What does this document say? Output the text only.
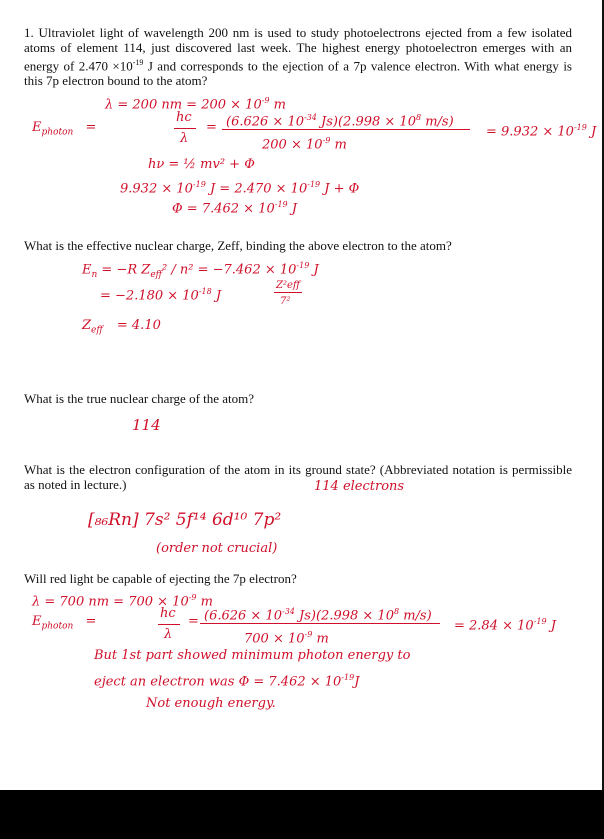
1. Ultraviolet light of wavelength 200 nm is used to study photoelectrons ejected from a few isolated atoms of element 114, just discovered last week. The highest energy photoelectron emerges with an energy of $2.470 \times 10^{-19}$ J and corresponds to the ejection of a 7p valence electron. With what energy is this 7p electron bound to the atom?
λ = 200 nm = $200 \times 10^{-9}$ m
$E_{photon}$ =
hc
λ
= ($6.626 \times 10^{-34}$ $Js)(2.998 \times 10^8$ m/s)
$200 \times 10^{-9}$ m
= $9.932 \times 10^{-19}$ J
hν = ½ mv² + Φ
$9.932 \times 10^{-19}$ $J = 2.470 \times 10^{-19}$ J + Φ
$\Phi = 7.462 \times 10^{-19}$ J
What is the effective nuclear charge, Zeff, binding the above electron to the atom?
$E_n = -R$ $Z_{eff}^2 / n^2 = -7.462 \times 10^{-19}$ J
= $-2.180 \times 10^{-18}$ J
Z²eff
7²
$Z_{eff} = 4.10$
What is the true nuclear charge of the atom?
114
What is the electron configuration of the atom in its ground state? (Abbreviated notation is permissible as noted in lecture.)	114 electrons
[₈₆Rn] 7s² 5f¹⁴ 6d¹⁰ 7p²
(order not crucial)
Will red light be capable of ejecting the 7p electron?
λ = 700 nm = $700 \times 10^{-9}$ m
$E_{photon}$ =
hc
λ
= ($6.626 \times 10^{-34}$ $Js)(2.998 \times 10^8$ m/s)
$700 \times 10^{-9}$ m
= $2.84 \times 10^{-19}$ J
But 1st part showed minimum photon energy to
eject an electron was $\Phi = 7.462 \times 10^{-19}J$
Not enough energy.
